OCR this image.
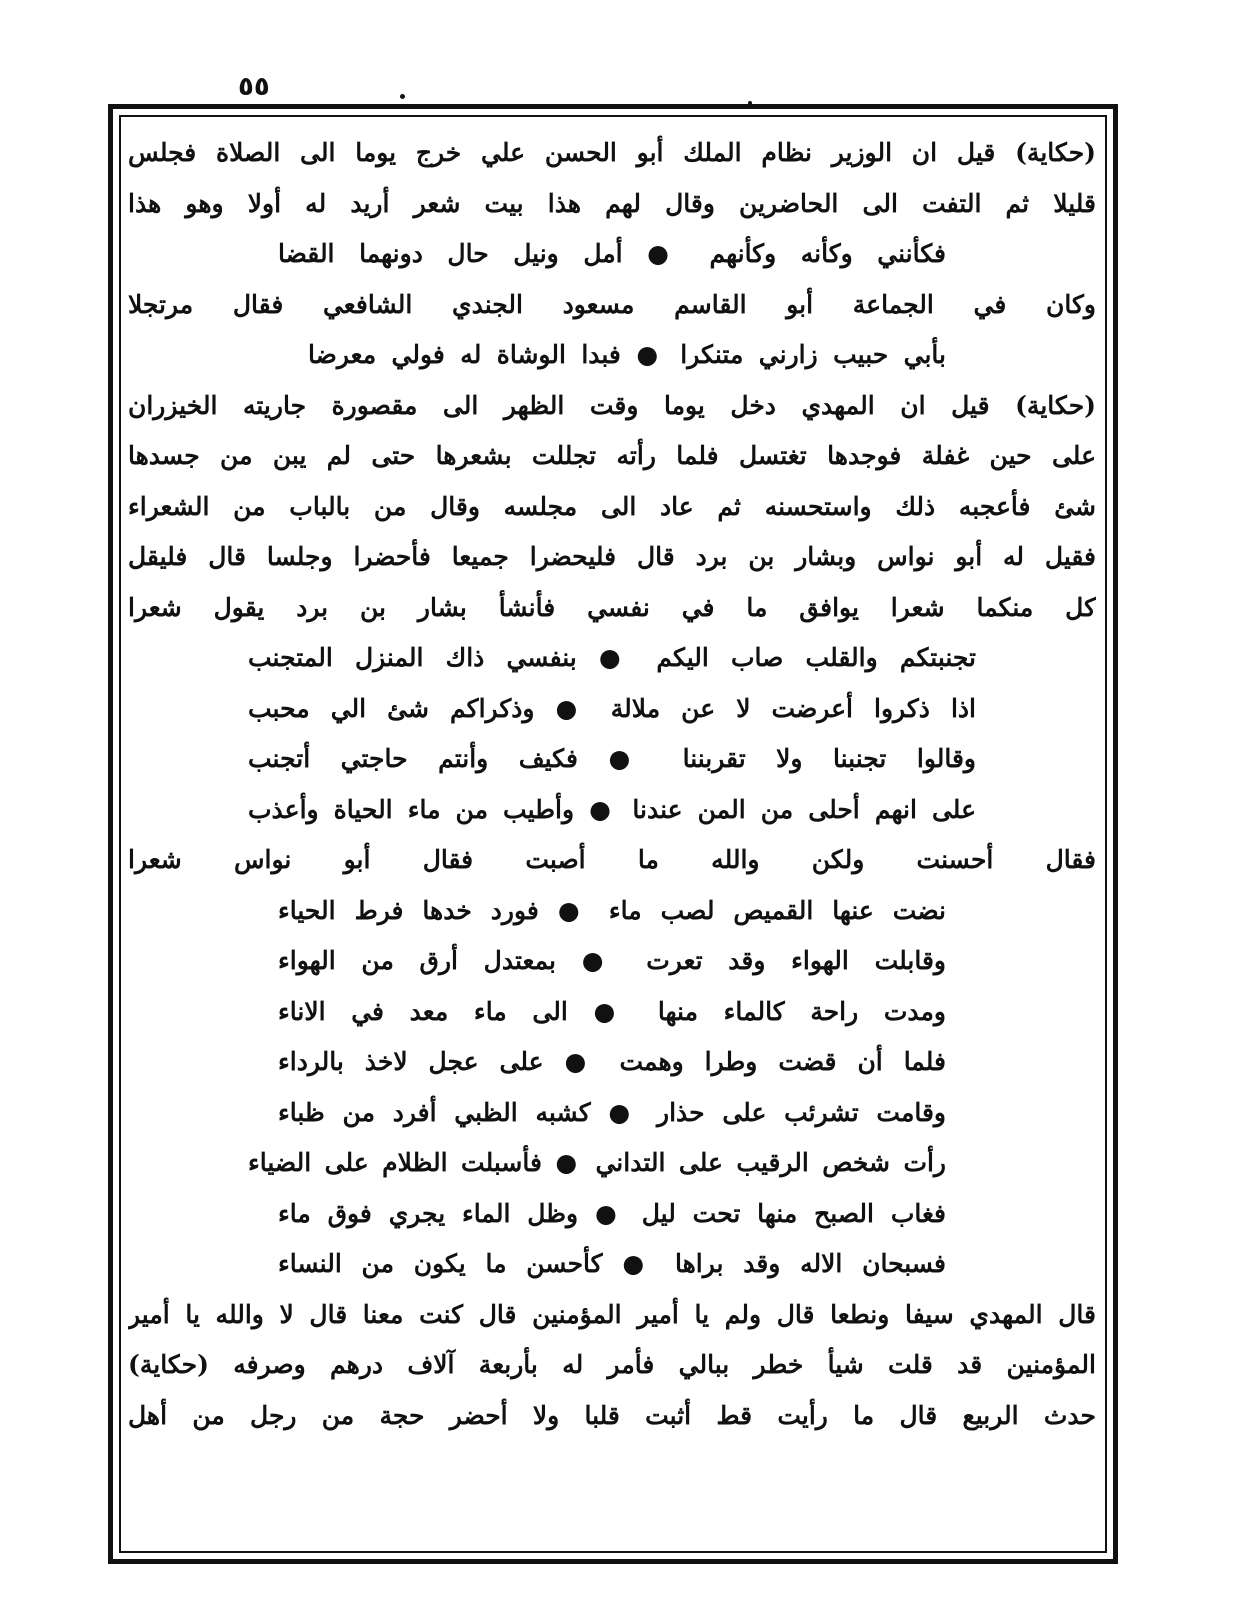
٥٥
(حكاية) قيل ان الوزير نظام الملك أبو الحسن علي خرج يوما الى الصلاة فجلس
قليلا ثم التفت الى الحاضرين وقال لهم هذا بيت شعر أريد له أولا وهو هذا
فكأنني وكأنه وكأنهم ● أمل ونيل حال دونهما القضا
وكان في الجماعة أبو القاسم مسعود الجندي الشافعي فقال مرتجلا
بأبي حبيب زارني متنكرا ● فبدا الوشاة له فولي معرضا
(حكاية) قيل ان المهدي دخل يوما وقت الظهر الى مقصورة جاريته الخيزران
على حين غفلة فوجدها تغتسل فلما رأته تجللت بشعرها حتى لم يبن من جسدها
شئ فأعجبه ذلك واستحسنه ثم عاد الى مجلسه وقال من بالباب من الشعراء
فقيل له أبو نواس وبشار بن برد قال فليحضرا جميعا فأحضرا وجلسا قال فليقل
كل منكما شعرا يوافق ما في نفسي فأنشأ بشار بن برد يقول شعرا
تجنبتكم والقلب صاب اليكم ● بنفسي ذاك المنزل المتجنب
اذا ذكروا أعرضت لا عن ملالة ● وذكراكم شئ الي محبب
وقالوا تجنبنا ولا تقربننا ● فكيف وأنتم حاجتي أتجنب
على انهم أحلى من المن عندنا ● وأطيب من ماء الحياة وأعذب
فقال أحسنت ولكن والله ما أصبت فقال أبو نواس شعرا
نضت عنها القميص لصب ماء ● فورد خدها فرط الحياء
وقابلت الهواء وقد تعرت ● بمعتدل أرق من الهواء
ومدت راحة كالماء منها ● الى ماء معد في الاناء
فلما أن قضت وطرا وهمت ● على عجل لاخذ بالرداء
وقامت تشرئب على حذار ● كشبه الظبي أفرد من ظباء
رأت شخص الرقيب على التداني ● فأسبلت الظلام على الضياء
فغاب الصبح منها تحت ليل ● وظل الماء يجري فوق ماء
فسبحان الاله وقد براها ● كأحسن ما يكون من النساء
قال المهدي سيفا ونطعا قال ولم يا أمير المؤمنين قال كنت معنا قال لا والله يا أمير
المؤمنين قد قلت شيأ خطر ببالي فأمر له بأربعة آلاف درهم وصرفه (حكاية)
حدث الربيع قال ما رأيت قط أثبت قلبا ولا أحضر حجة من رجل من أهل
